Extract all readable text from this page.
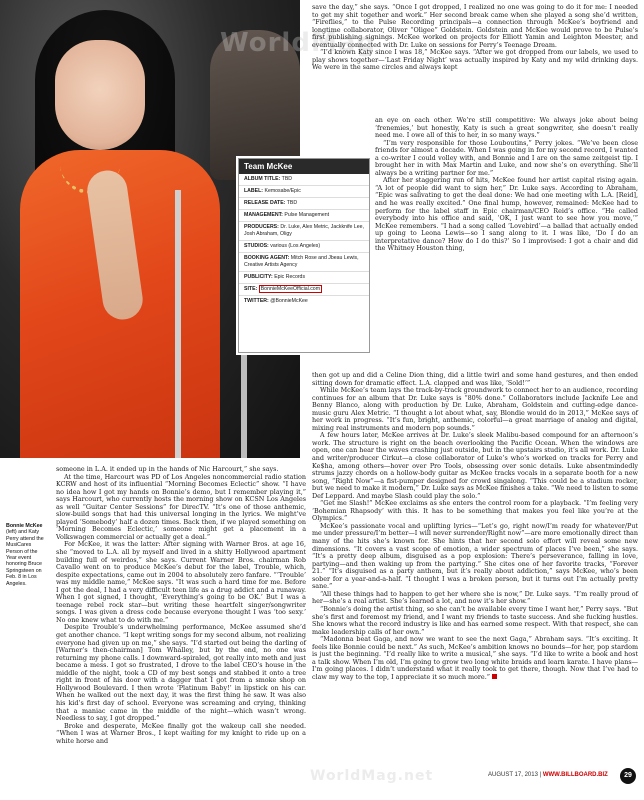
WorldMag
WorldMag.net
Team McKee
ALBUM TITLE: TBD
LABEL: Kemosabe/Epic
RELEASE DATE: TBD
MANAGEMENT: Pulse Management
PRODUCERS: Dr. Luke, Alex Metric, Jackknife Lee, Josh Abraham, Oligy
STUDIOS: various (Los Angeles)
BOOKING AGENT: Mitch Rose and Jbeau Lewis, Creative Artists Agency
PUBLICITY: Epic Records
SITE: BonnieMcKeeOfficial.com
TWITTER: @BonnieMcKee

save the day,” she says. “Once I got dropped, I realized no one was going to do it for me: I needed to get my shit together and work.” Her second break came when she played a song she’d written, “Fireflies,” to the Pulse Recording principals—a connection through McKee’s boyfriend and longtime collaborator, Oliver “Oligee” Goldstein. Goldstein and McKee would prove to be Pulse’s first publishing signings. McKee worked on projects for Elliott Yamin and Leighton Meester, and eventually connected with Dr. Luke on sessions for Perry’s Teenage Dream.

“I’d known Katy since I was 18,” McKee says. “After we got dropped from our labels, we used to play shows together—‘Last Friday Night’ was actually inspired by Katy and my wild drinking days. We were in the same circles and always kept

an eye on each other. We’re still competitive: We always joke about being ‘frenemies,’ but honestly, Katy is such a great songwriter, she doesn’t really need me. I owe all of this to her, in so many ways.”

“I’m very responsible for those Louboutins,” Perry jokes. “We’ve been close friends for almost a decade. When I was going in for my second record, I wanted a co-writer I could volley with, and Bonnie and I are on the same zeitgeist tip. I brought her in with Max Martin and Luke, and now she’s on everything. She’ll always be a writing partner for me.”

After her staggering run of hits, McKee found her artist capital rising again. “A lot of people did want to sign her,” Dr. Luke says. According to Abraham, “Epic was salivating to get the deal done: We had one meeting with L.A. [Reid], and he was really excited.” One final hump, however, remained: McKee had to perform for the label staff in Epic chairman/CEO Reid’s office. “He called everybody into his office and said, ‘OK, I just want to see how you move,’” McKee remembers. “I had a song called ‘Lovebird’—a ballad that actually ended up going to Leona Lewis—so I sang along to it. I was like, ‘Do I do an interpretative dance? How do I do this?’ So I improvised: I got a chair and did the Whitney Houston thing,

then got up and did a Celine Dion thing, did a little twirl and some hand gestures, and then ended sitting down for dramatic effect. L.A. clapped and was like, ‘Sold!’”

While McKee’s team lays the track-by-track groundwork to connect her to an audience, recording continues for an album that Dr. Luke says is “80% done.” Collaborators include Jacknife Lee and Benny Blanco, along with production by Dr. Luke, Abraham, Goldstein and cutting-edge dance-music guru Alex Metric. “I thought a lot about what, say, Blondie would do in 2013,” McKee says of her work in progress. “It’s fun, bright, anthemic, colorful—a great marriage of analog and digital, mixing real instruments and modern pop sounds.”

A few hours later, McKee arrives at Dr. Luke’s sleek Malibu-based compound for an afternoon’s work. The structure is right on the beach overlooking the Pacific Ocean. When the windows are open, one can hear the waves crashing just outside, but in the upstairs studio, it’s all work. Dr. Luke and writer/producer Cirkut—a close collaborator of Luke’s who’s worked on tracks for Perry and Ke$ha, among others—hover over Pro Tools, obsessing over sonic details. Luke absentmindedly strums jazzy chords on a hollow-body guitar as McKee tracks vocals in a separate booth for a new song, “Right Now”—a fist-pumper designed for crowd singalong. “This could be a stadium rocker, but we need to make it modern,” Dr. Luke says as McKee finishes a take. “We need to listen to some Def Leppard. And maybe Slash could play the solo.”

“Get me Slash!” McKee exclaims as she enters the control room for a playback. “I’m feeling very ‘Bohemian Rhapsody’ with this. It has to be something that makes you feel like you’re at the Olympics.”

McKee’s passionate vocal and uplifting lyrics—“Let’s go, right now/I’m ready for whatever/Put me under pressure/I’m better—I will never surrender/Right now”—are more emotionally direct than many of the hits she’s known for. She hints that her second solo effort will reveal some new dimensions. “It covers a vast scope of emotion, a wider spectrum of places I’ve been,” she says. “It’s a pretty deep album, disguised as a pop explosion: There’s perseverance, falling in love, partying—and then waking up from the partying.” She cites one of her favorite tracks, “Forever 21.” “It’s disguised as a party anthem, but it’s really about addiction,” says McKee, who’s been sober for a year-and-a-half. “I thought I was a broken person, but it turns out I’m actually pretty sane.”

“All these things had to happen to get her where she is now,” Dr. Luke says. “I’m really proud of her—she’s a real artist. She’s learned a lot, and now it’s her show.”

“Bonnie’s doing the artist thing, so she can’t be available every time I want her,” Perry says. “But she’s first and foremost my friend, and I want my friends to taste success. And she fucking hustles. She knows what the record industry is like and has earned some respect. With that respect, she can make leadership calls of her own.”

“Madonna beat Gaga, and now we want to see the next Gaga,” Abraham says. “It’s exciting. It feels like Bonnie could be next.” As such, McKee’s ambition knows no bounds—for her, pop stardom is just the beginning. “I’d really like to write a musical,” she says. “I’d like to write a book and host a talk show. When I’m old, I’m going to grow two long white braids and learn karate. I have plans—I’m going places. I didn’t understand what it really took to get there, though. Now that I’ve had to claw my way to the top, I appreciate it so much more.”

someone in L.A. it ended up in the hands of Nic Harcourt,” she says.

At the time, Harcourt was PD of Los Angeles noncommercial radio station KCRW and host of its influential “Morning Becomes Eclectic” show. “I have no idea how I got my hands on Bonnie’s demo, but I remember playing it,” says Harcourt, who currently hosts the morning show on KCSN Los Angeles as well “Guitar Center Sessions” for DirecTV. “It’s one of those anthemic, slow-build songs that had this universal longing in the lyrics. We might’ve played ‘Somebody’ half a dozen times. Back then, if we played something on ‘Morning Becomes Eclectic,’ someone might get a placement in a Volkswagen commercial or actually get a deal.”

For McKee, it was the latter: After signing with Warner Bros. at age 16, she “moved to L.A. all by myself and lived in a shitty Hollywood apartment building full of weirdos,” she says. Current Warner Bros. chairman Rob Cavallo went on to produce McKee’s debut for the label, Trouble, which, despite expectations, came out in 2004 to absolutely zero fanfare. “‘Trouble’ was my middle name,” McKee says. “It was such a hard time for me. Before I got the deal, I had a very difficult teen life as a drug addict and a runaway. When I got signed, I thought, ‘Everything’s going to be OK.’ But I was a teenage rebel rock star—but writing these heartfelt singer/songwriter songs. I was given a dress code because everyone thought I was ‘too sexy.’ No one knew what to do with me.”

Despite Trouble’s underwhelming performance, McKee assumed she’d get another chance. “I kept writing songs for my second album, not realizing everyone had given up on me,” she says. “I’d started out being the darling of [Warner’s then-chairman] Tom Whalley, but by the end, no one was returning my phone calls. I downward-spiraled, got really into meth and just became a mess. I got so frustrated, I drove to the label CEO’s house in the middle of the night, took a CD of my best songs and stabbed it onto a tree right in front of his door with a dagger that I got from a smoke shop on Hollywood Boulevard. I then wrote ‘Platinum Baby!’ in lipstick on his car. When he walked out the next day, it was the first thing he saw. It was also his kid’s first day of school. Everyone was screaming and crying, thinking that a maniac came in the middle of the night—which wasn’t wrong. Needless to say, I got dropped.”

Broke and desperate, McKee finally got the wakeup call she needed. “When I was at Warner Bros., I kept waiting for my knight to ride up on a white horse and

Bonnie McKee (left) and Katy Perry attend the MusiCares Person of the Year event honoring Bruce Springsteen on Feb. 8 in Los Angeles.
AUGUST 17, 2013 | WWW.BILLBOARD.BIZ	29
